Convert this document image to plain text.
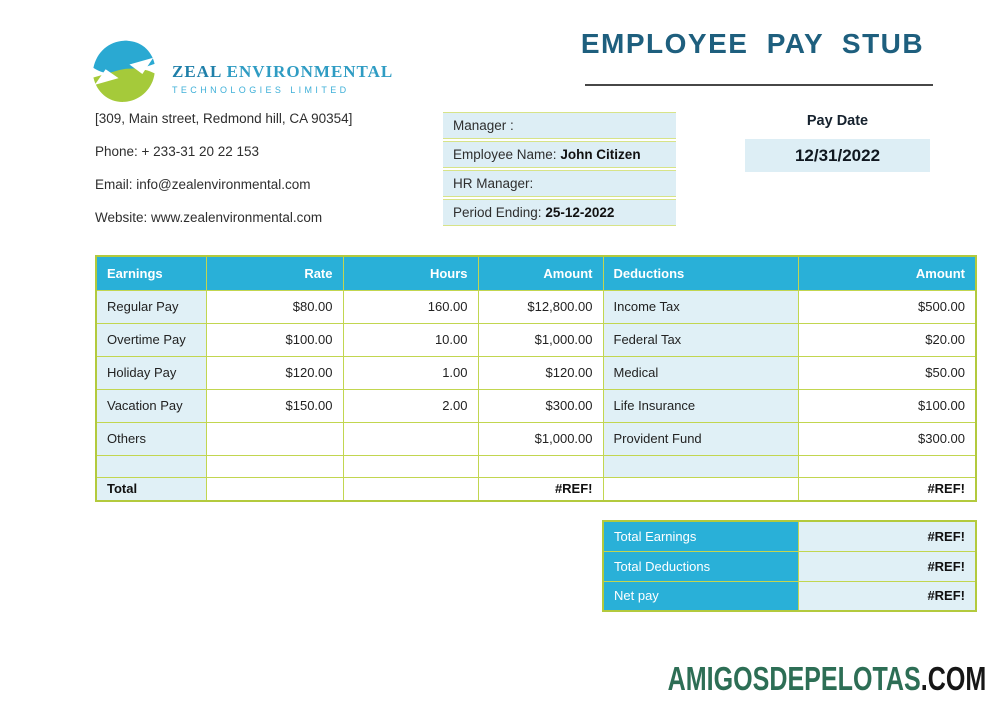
ZEAL ENVIRONMENTAL
TECHNOLOGIES LIMITED

[309, Main street, Redmond hill, CA 90354]

Phone: + 233-31 20 22 153

Email: info@zealenvironmental.com

Website: www.zealenvironmental.com

EMPLOYEE PAY STUB
Manager :
Employee Name: John Citizen
HR Manager:
Period Ending: 25-12-2022
Pay Date
12/31/2022
Earnings	Rate	Hours	Amount	Deductions	Amount
Regular Pay	$80.00	160.00	$12,800.00	Income Tax	$500.00
Overtime Pay	$100.00	10.00	$1,000.00	Federal Tax	$20.00
Holiday Pay	$120.00	1.00	$120.00	Medical	$50.00
Vacation Pay	$150.00	2.00	$300.00	Life Insurance	$100.00
Others			$1,000.00	Provident Fund	$300.00

Total			#REF!		#REF!
Total Earnings	#REF!
Total Deductions	#REF!
Net pay	#REF!
AMIGOSDEPELOTAS.COM
